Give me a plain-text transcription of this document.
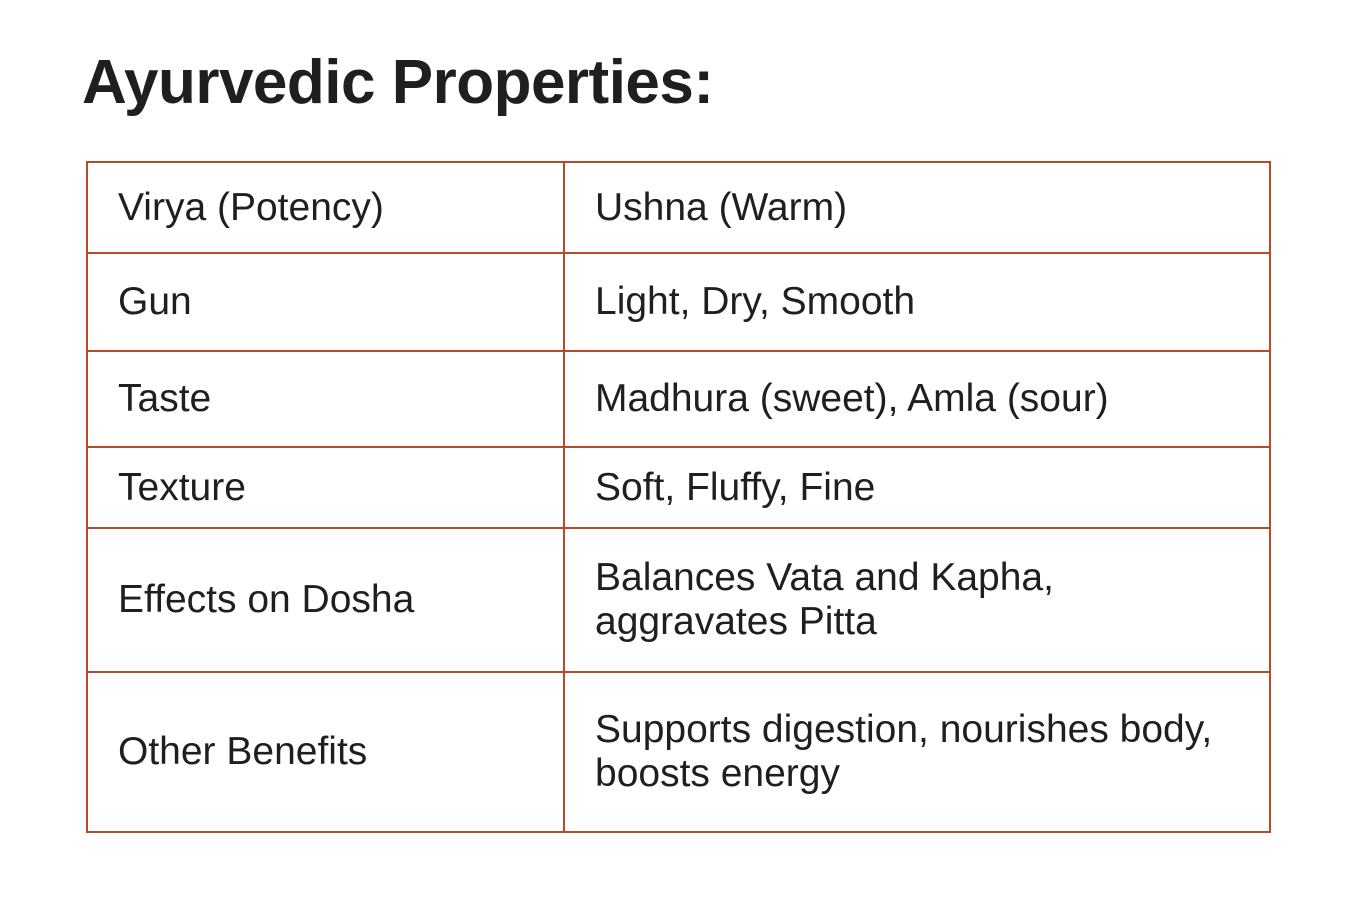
Ayurvedic Properties:
Virya (Potency)	Ushna (Warm)
Gun	Light, Dry, Smooth
Taste	Madhura (sweet), Amla (sour)
Texture	Soft, Fluffy, Fine
Effects on Dosha	Balances Vata and Kapha, aggravates Pitta
Other Benefits	Supports digestion, nourishes body, boosts energy
